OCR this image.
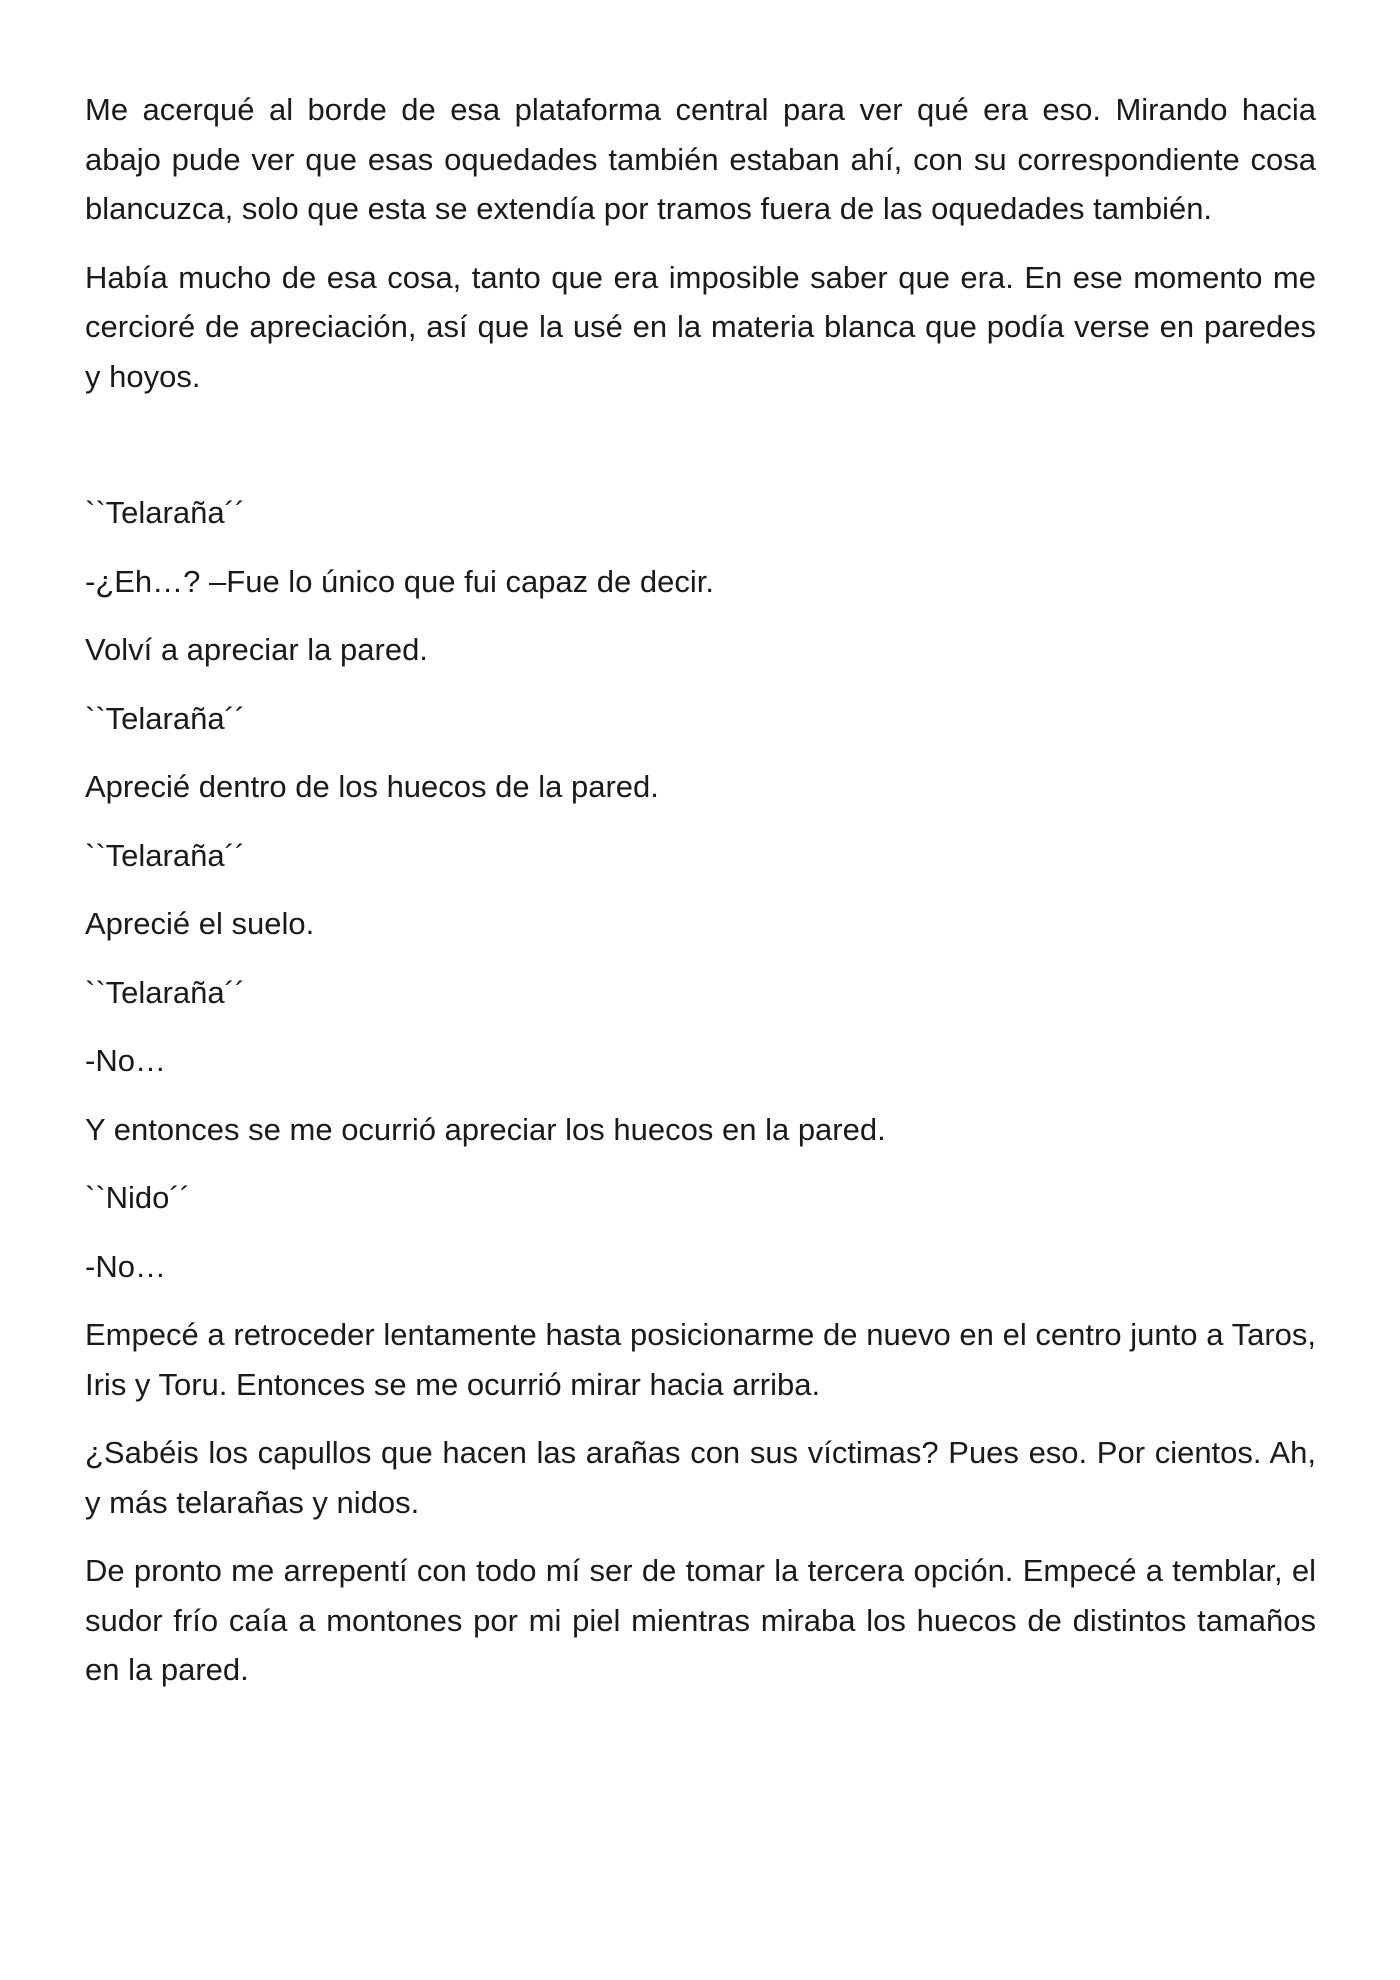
Me acerqué al borde de esa plataforma central para ver qué era eso. Mirando hacia abajo pude ver que esas oquedades también estaban ahí, con su correspondiente cosa blancuzca, solo que esta se extendía por tramos fuera de las oquedades también.

Había mucho de esa cosa, tanto que era imposible saber que era. En ese momento me cercioré de apreciación, así que la usé en la materia blanca que podía verse en paredes y hoyos.

``Telaraña´´

-¿Eh…? –Fue lo único que fui capaz de decir.

Volví a apreciar la pared.

``Telaraña´´

Aprecié dentro de los huecos de la pared.

``Telaraña´´

Aprecié el suelo.

``Telaraña´´

-No…

Y entonces se me ocurrió apreciar los huecos en la pared.

``Nido´´

-No…

Empecé a retroceder lentamente hasta posicionarme de nuevo en el centro junto a Taros, Iris y Toru. Entonces se me ocurrió mirar hacia arriba.

¿Sabéis los capullos que hacen las arañas con sus víctimas? Pues eso. Por cientos. Ah, y más telarañas y nidos.

De pronto me arrepentí con todo mí ser de tomar la tercera opción. Empecé a temblar, el sudor frío caía a montones por mi piel mientras miraba los huecos de distintos tamaños en la pared.
